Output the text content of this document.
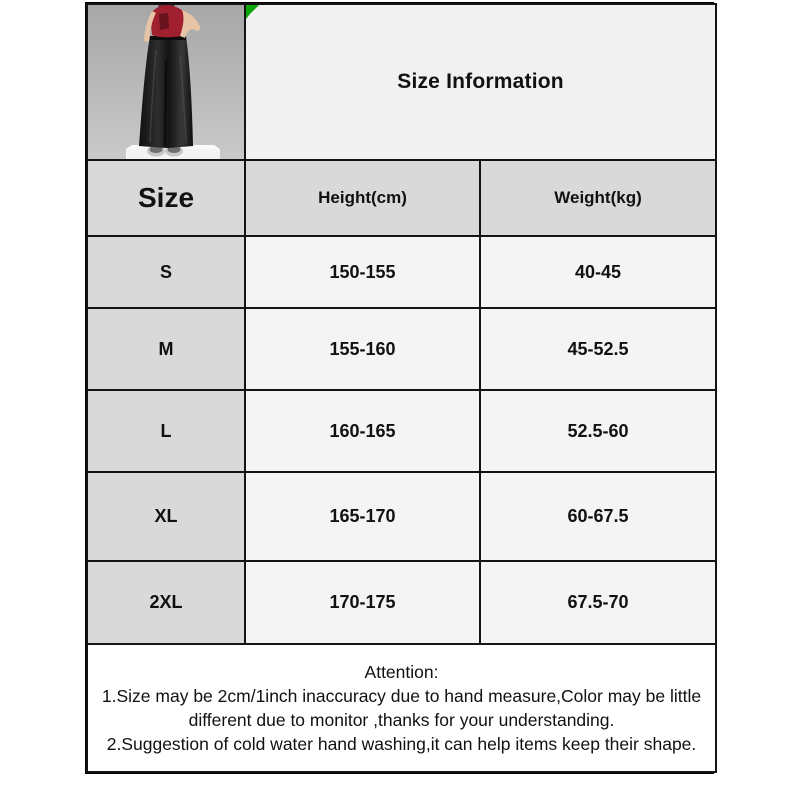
Size Information	
Size	Height(cm)	Weight(kg)
S	150-155	40-45
M	155-160	45-52.5
L	160-165	52.5-60
XL	165-170	60-67.5
2XL	170-175	67.5-70

Attention:
1.Size may be 2cm/1inch inaccuracy due to hand measure,Color may be little
different due to monitor ,thanks for your understanding.
2.Suggestion of cold water hand washing,it can help items keep their shape.		
